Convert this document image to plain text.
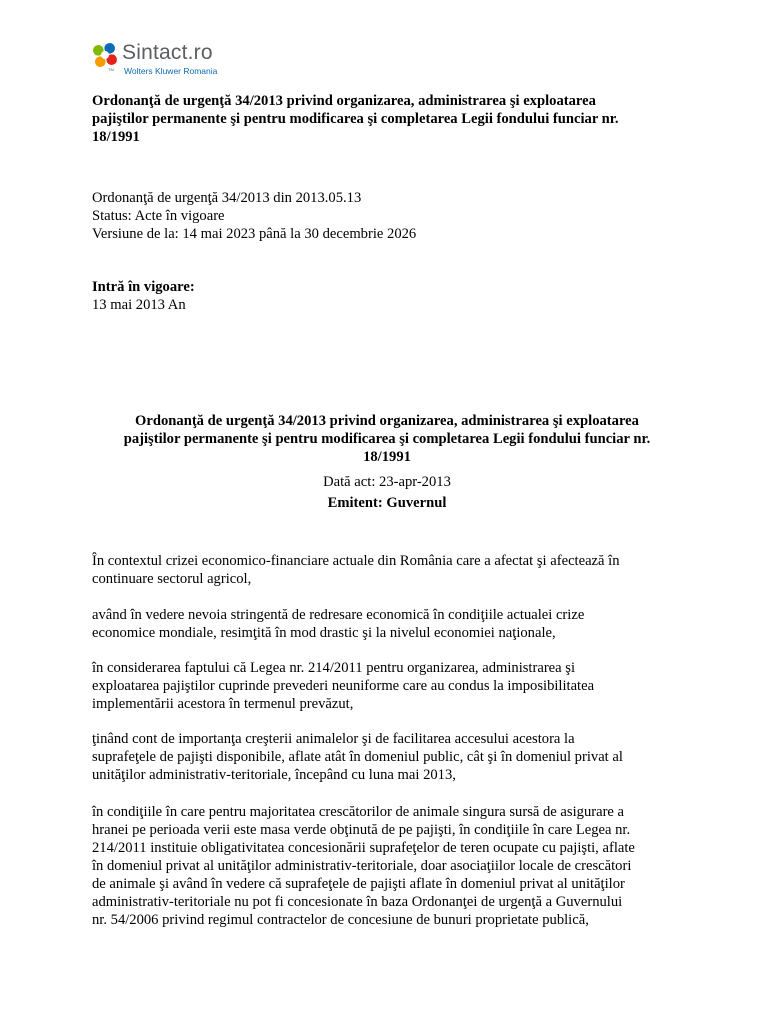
TM
Sintact.ro
Wolters Kluwer Romania
Ordonanţă de urgenţă 34/2013 privind organizarea, administrarea şi exploatarea
pajiştilor permanente şi pentru modificarea şi completarea Legii fondului funciar nr.
18/1991
Ordonanţă de urgenţă 34/2013 din 2013.05.13
Status: Acte în vigoare
Versiune de la: 14 mai 2023 până la 30 decembrie 2026
Intră în vigoare:
13 mai 2013 An
Ordonanţă de urgenţă 34/2013 privind organizarea, administrarea şi exploatarea
pajiştilor permanente şi pentru modificarea şi completarea Legii fondului funciar nr.
18/1991
Dată act: 23-apr-2013
Emitent: Guvernul
În contextul crizei economico-financiare actuale din România care a afectat şi afectează în
continuare sectorul agricol,
având în vedere nevoia stringentă de redresare economică în condiţiile actualei crize
economice mondiale, resimţită în mod drastic şi la nivelul economiei naţionale,
în considerarea faptului că Legea nr. 214/2011 pentru organizarea, administrarea şi
exploatarea pajiştilor cuprinde prevederi neuniforme care au condus la imposibilitatea
implementării acestora în termenul prevăzut,
ţinând cont de importanţa creşterii animalelor şi de facilitarea accesului acestora la
suprafeţele de pajişti disponibile, aflate atât în domeniul public, cât şi în domeniul privat al
unităţilor administrativ-teritoriale, începând cu luna mai 2013,
în condiţiile în care pentru majoritatea crescătorilor de animale singura sursă de asigurare a
hranei pe perioada verii este masa verde obţinută de pe pajişti, în condiţiile în care Legea nr.
214/2011 instituie obligativitatea concesionării suprafeţelor de teren ocupate cu pajişti, aflate
în domeniul privat al unităţilor administrativ-teritoriale, doar asociaţiilor locale de crescători
de animale şi având în vedere că suprafeţele de pajişti aflate în domeniul privat al unităţilor
administrativ-teritoriale nu pot fi concesionate în baza Ordonanţei de urgenţă a Guvernului
nr. 54/2006 privind regimul contractelor de concesiune de bunuri proprietate publică,
